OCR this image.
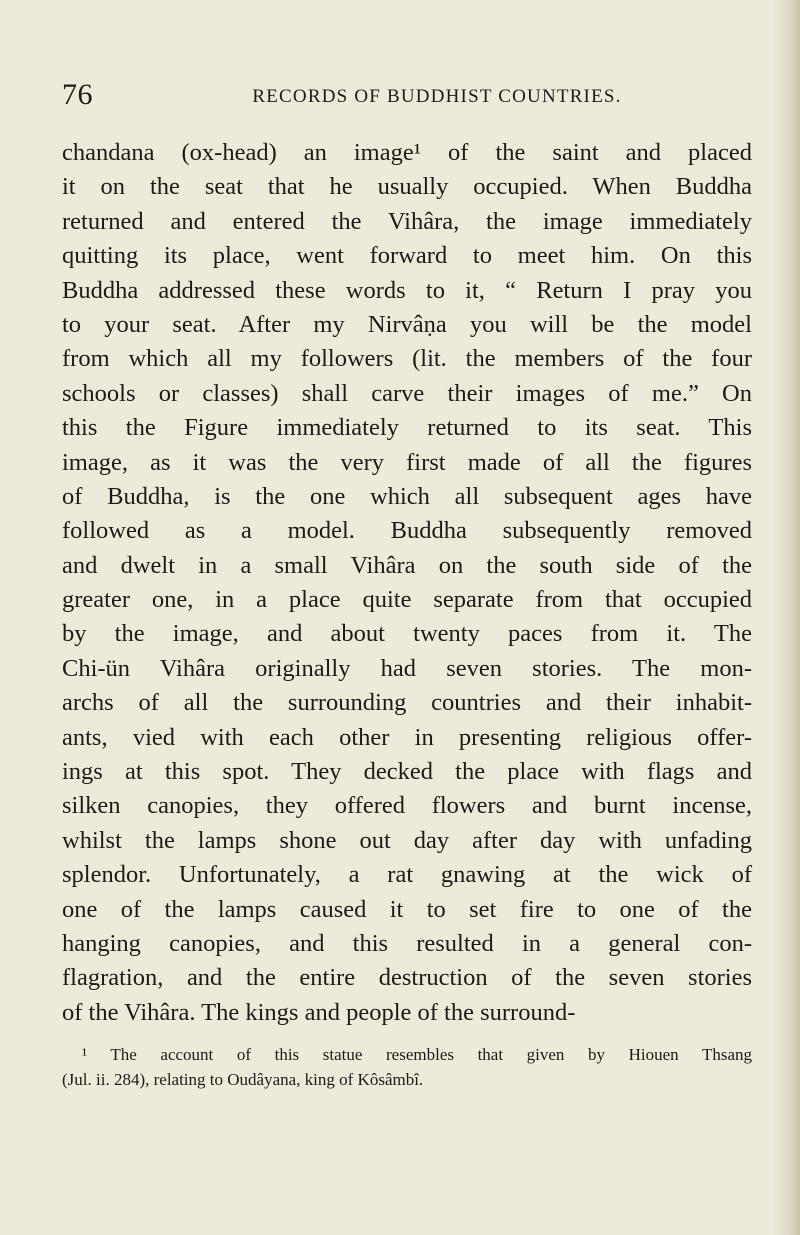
76	RECORDS OF BUDDHIST COUNTRIES.
chandana (ox-head) an image¹ of the saint and placed
it on the seat that he usually occupied. When Buddha
returned and entered the Vihâra, the image immediately
quitting its place, went forward to meet him. On this
Buddha addressed these words to it, “ Return I pray you
to your seat. After my Nirvâṇa you will be the model
from which all my followers (lit. the members of the four
schools or classes) shall carve their images of me.” On
this the Figure immediately returned to its seat. This
image, as it was the very first made of all the figures
of Buddha, is the one which all subsequent ages have
followed as a model. Buddha subsequently removed
and dwelt in a small Vihâra on the south side of the
greater one, in a place quite separate from that occupied
by the image, and about twenty paces from it. The
Chi-ün Vihâra originally had seven stories. The mon-
archs of all the surrounding countries and their inhabit-
ants, vied with each other in presenting religious offer-
ings at this spot. They decked the place with flags and
silken canopies, they offered flowers and burnt incense,
whilst the lamps shone out day after day with unfading
splendor. Unfortunately, a rat gnawing at the wick of
one of the lamps caused it to set fire to one of the
hanging canopies, and this resulted in a general con-
flagration, and the entire destruction of the seven stories
of the Vihâra. The kings and people of the surround-
¹ The account of this statue resembles that given by Hiouen Thsang
(Jul. ii. 284), relating to Oudâyana, king of Kôsâmbî.
